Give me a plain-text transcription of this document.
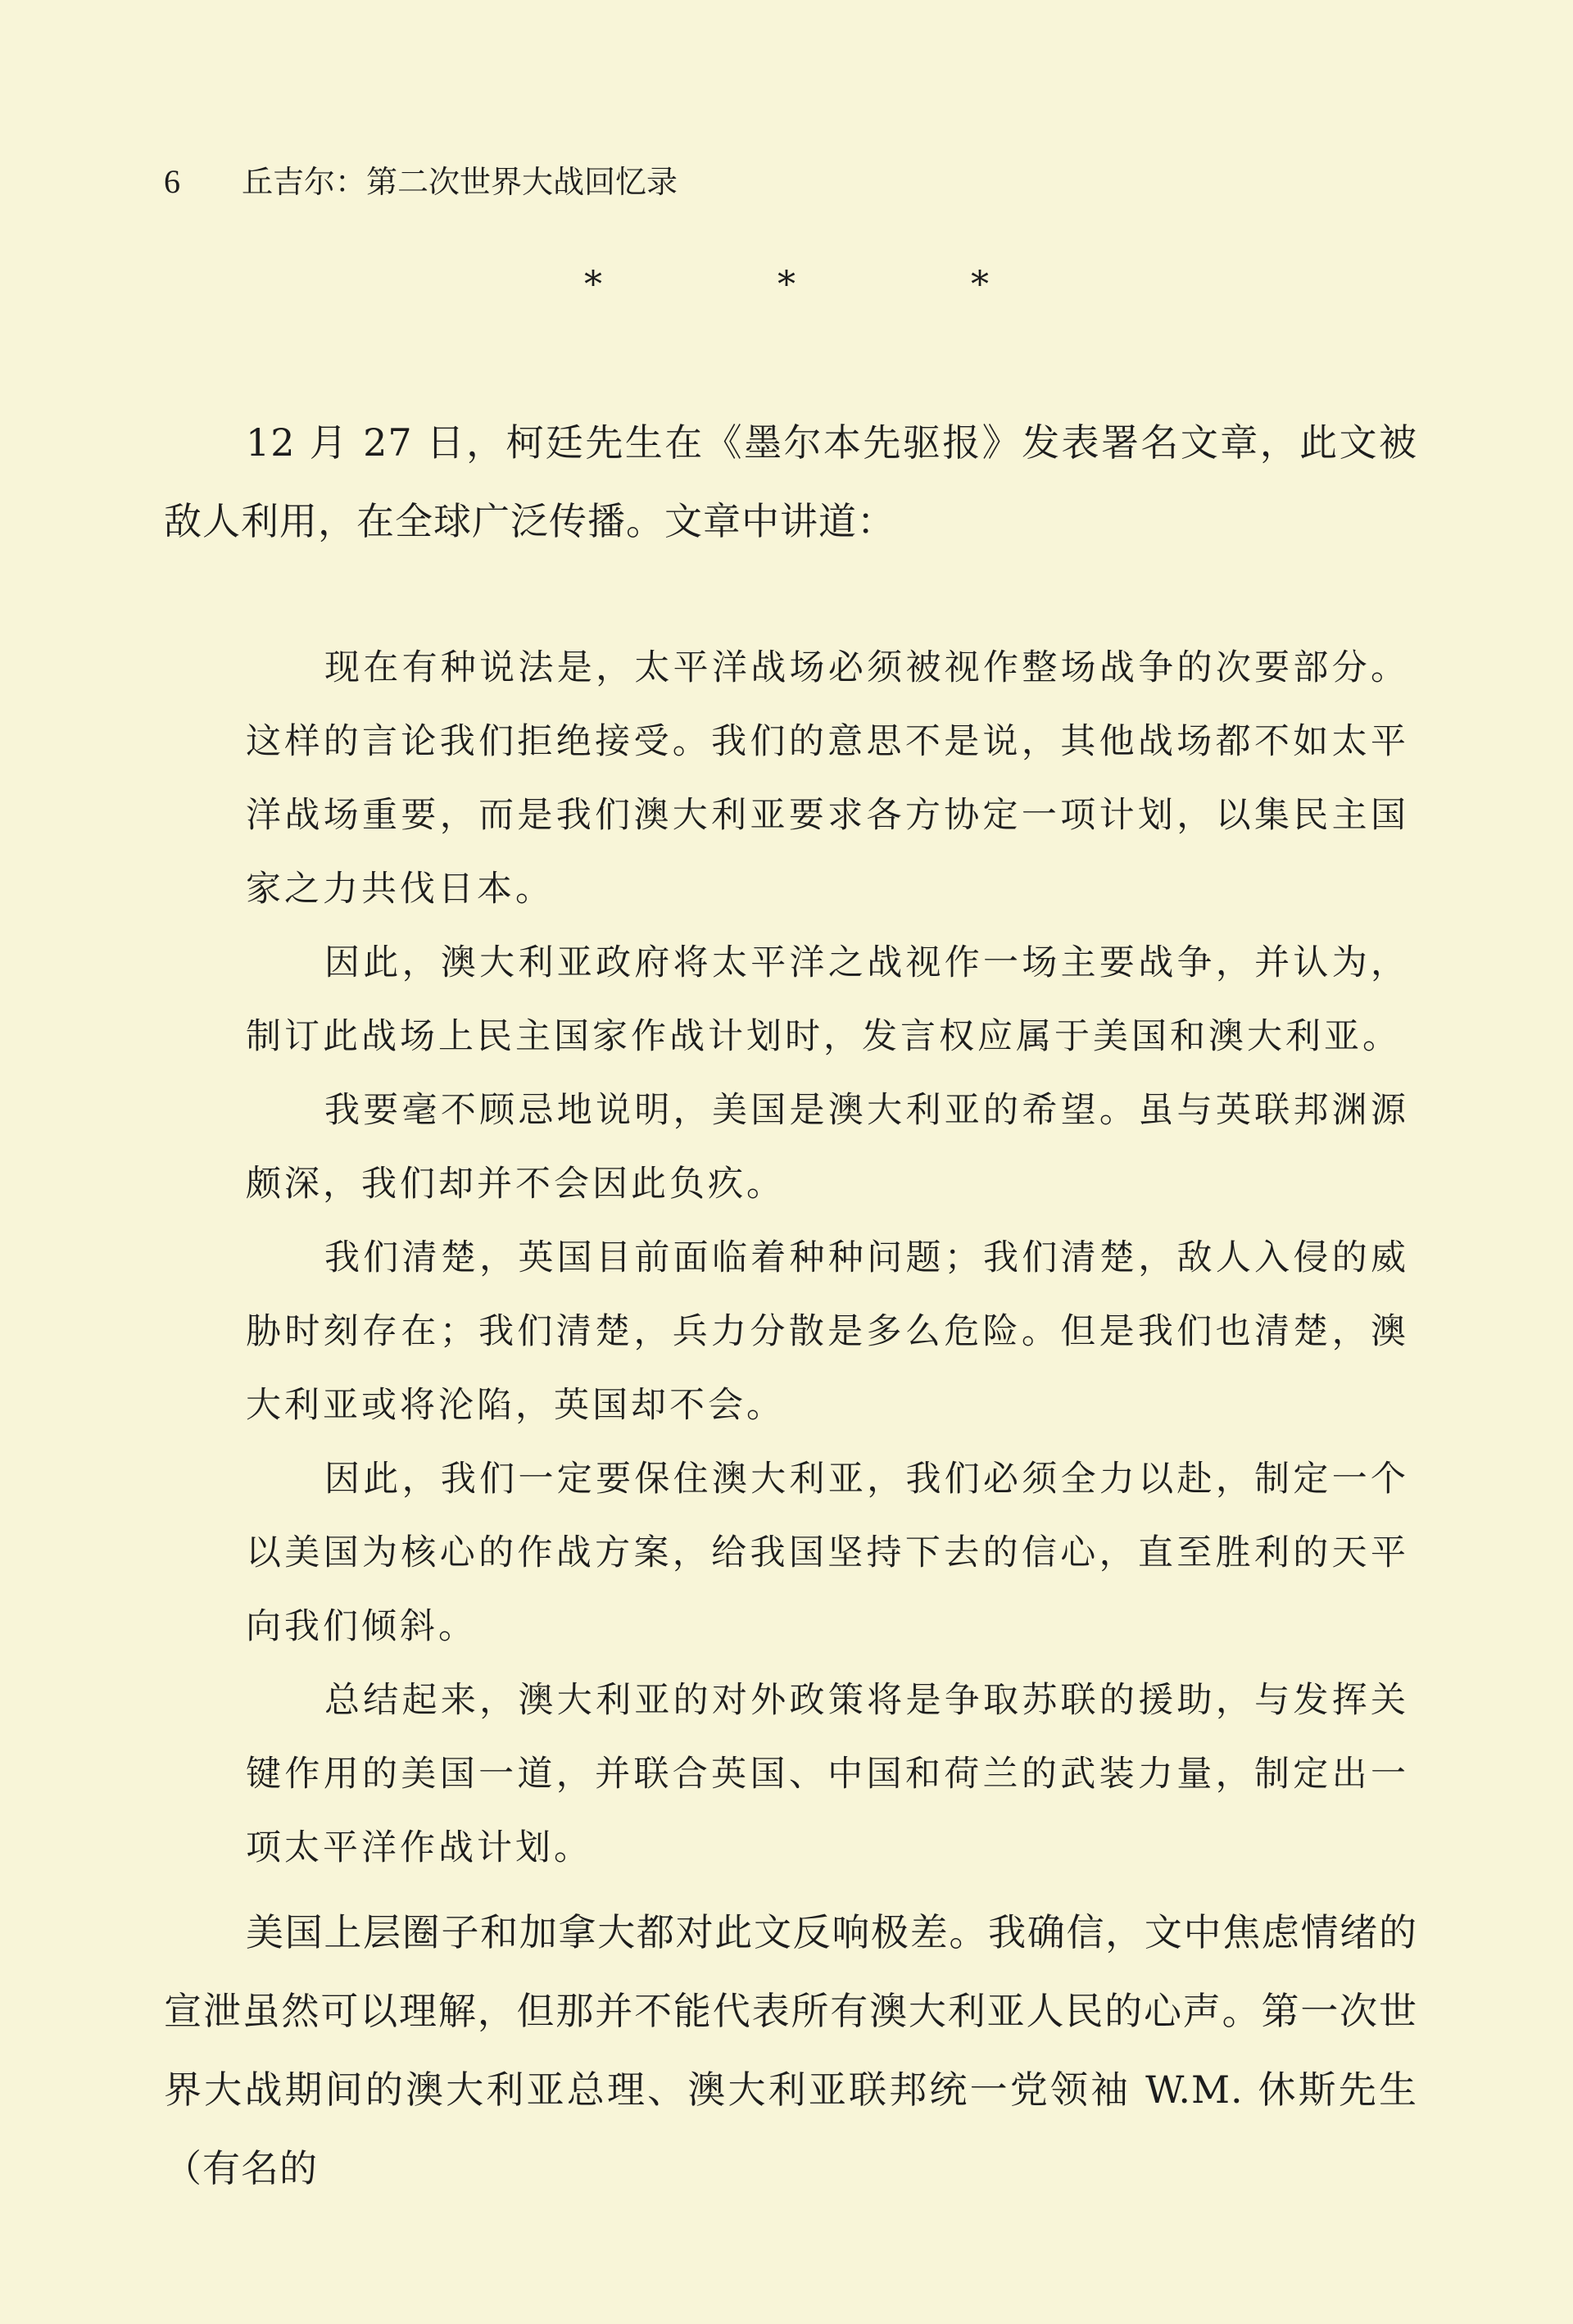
6 丘吉尔：第二次世界大战回忆录
* * *

12 月 27 日，柯廷先生在《墨尔本先驱报》发表署名文章，此文被敌人利用，在全球广泛传播。文章中讲道：

现在有种说法是，太平洋战场必须被视作整场战争的次要部分。这样的言论我们拒绝接受。我们的意思不是说，其他战场都不如太平洋战场重要，而是我们澳大利亚要求各方协定一项计划，以集民主国家之力共伐日本。

因此，澳大利亚政府将太平洋之战视作一场主要战争，并认为，制订此战场上民主国家作战计划时，发言权应属于美国和澳大利亚。

我要毫不顾忌地说明，美国是澳大利亚的希望。虽与英联邦渊源颇深，我们却并不会因此负疚。

我们清楚，英国目前面临着种种问题；我们清楚，敌人入侵的威胁时刻存在；我们清楚，兵力分散是多么危险。但是我们也清楚，澳大利亚或将沦陷，英国却不会。

因此，我们一定要保住澳大利亚，我们必须全力以赴，制定一个以美国为核心的作战方案，给我国坚持下去的信心，直至胜利的天平向我们倾斜。

总结起来，澳大利亚的对外政策将是争取苏联的援助，与发挥关键作用的美国一道，并联合英国、中国和荷兰的武装力量，制定出一项太平洋作战计划。

美国上层圈子和加拿大都对此文反响极差。我确信，文中焦虑情绪的宣泄虽然可以理解，但那并不能代表所有澳大利亚人民的心声。第一次世界大战期间的澳大利亚总理、澳大利亚联邦统一党领袖 W.M. 休斯先生（有名的
